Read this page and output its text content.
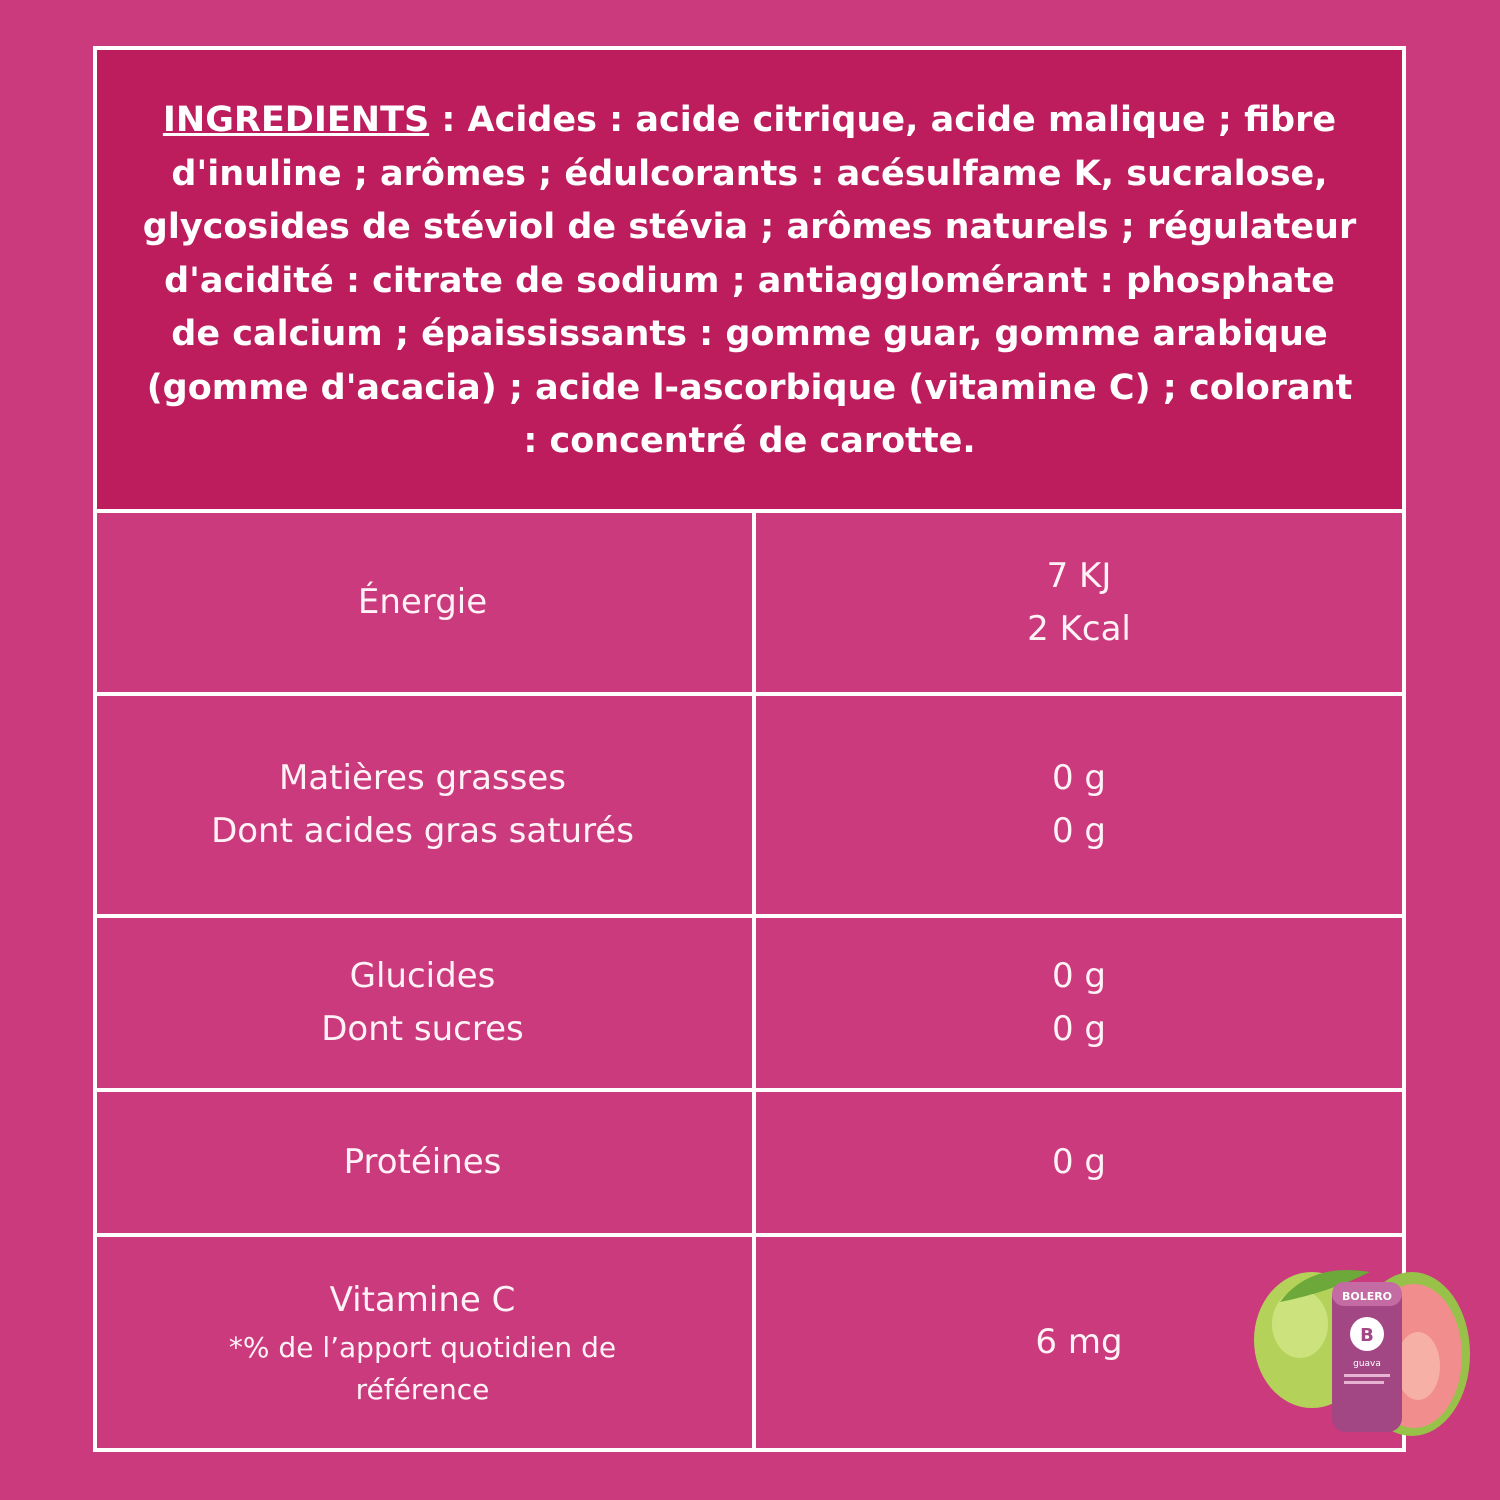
INGREDIENTS : Acides : acide citrique, acide malique ; fibre d'inuline ; arômes ; édulcorants : acésulfame K, sucralose, glycosides de stéviol de stévia ; arômes naturels ; régulateur d'acidité : citrate de sodium ; antiagglomérant : phosphate de calcium ; épaississants : gomme guar, gomme arabique (gomme d'acacia) ; acide l-ascorbique (vitamine C) ; colorant : concentré de carotte.
Énergie
7 KJ
2 Kcal
Matières grasses
Dont acides gras saturés
0 g
0 g
Glucides
Dont sucres
0 g
0 g
Protéines	0 g
Vitamine C
*% de l’apport quotidien de référence
6 mg
BOLERO
B
guava
